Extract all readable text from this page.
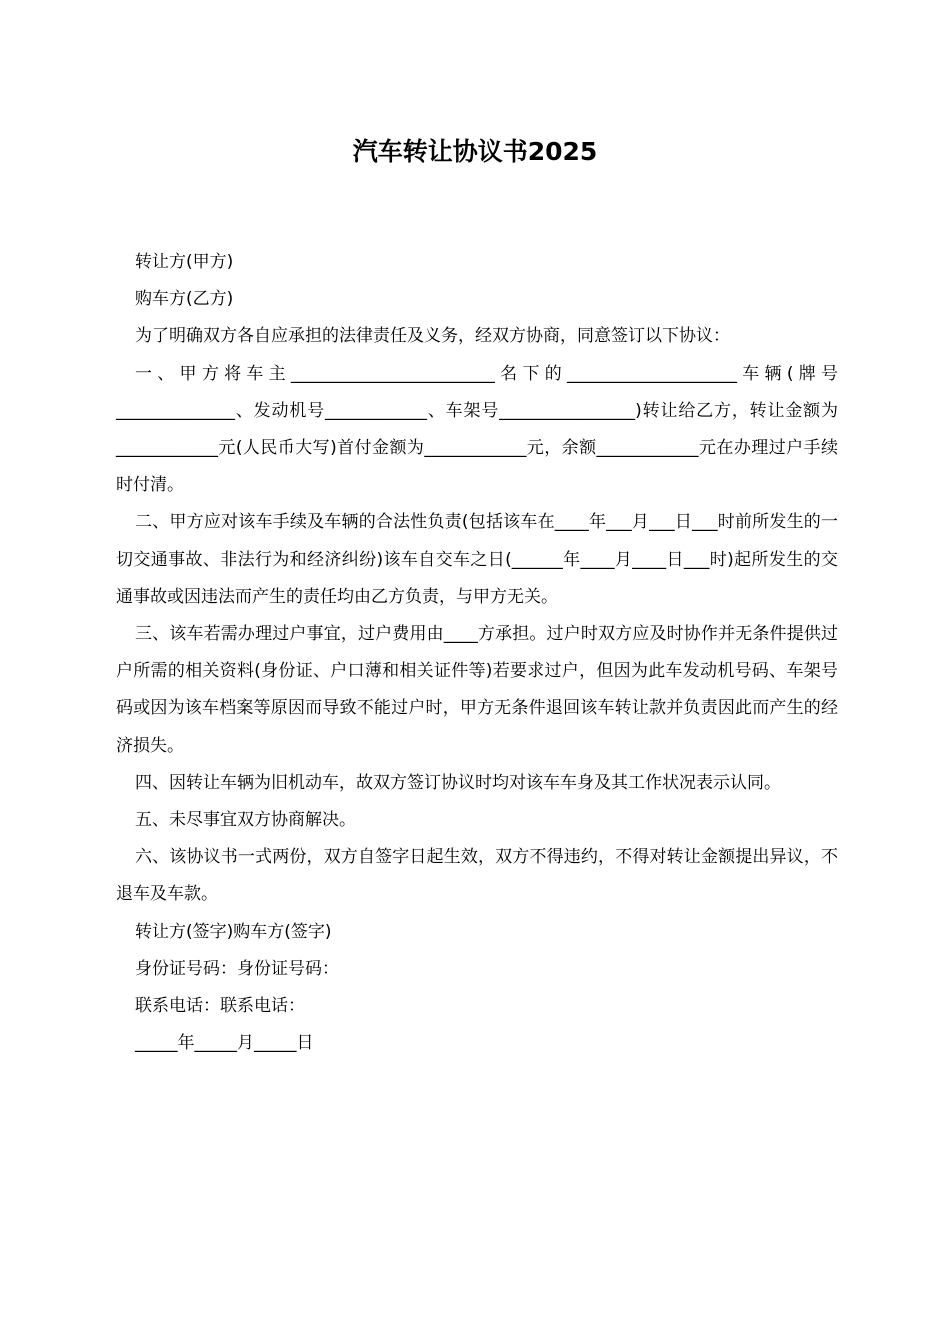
汽车转让协议书2025

转让方(甲方)

购车方(乙方)

为了明确双方各自应承担的法律责任及义务，经双方协商，同意签订以下协议：

一、甲方将车主________________________名下的____________________车辆(牌号______________、发动机号____________、车架号________________)转让给乙方，转让金额为____________元(人民币大写)首付金额为____________元，余额____________元在办理过户手续时付清。

二、甲方应对该车手续及车辆的合法性负责(包括该车在____年___月___日___时前所发生的一切交通事故、非法行为和经济纠纷)该车自交车之日(______年____月____日___时)起所发生的交通事故或因违法而产生的责任均由乙方负责，与甲方无关。

三、该车若需办理过户事宜，过户费用由____方承担。过户时双方应及时协作并无条件提供过户所需的相关资料(身份证、户口薄和相关证件等)若要求过户，但因为此车发动机号码、车架号码或因为该车档案等原因而导致不能过户时，甲方无条件退回该车转让款并负责因此而产生的经济损失。

四、因转让车辆为旧机动车，故双方签订协议时均对该车车身及其工作状况表示认同。

五、未尽事宜双方协商解决。

六、该协议书一式两份，双方自签字日起生效，双方不得违约，不得对转让金额提出异议，不退车及车款。

转让方(签字)购车方(签字)

身份证号码：身份证号码：

联系电话：联系电话：

_____年_____月_____日
